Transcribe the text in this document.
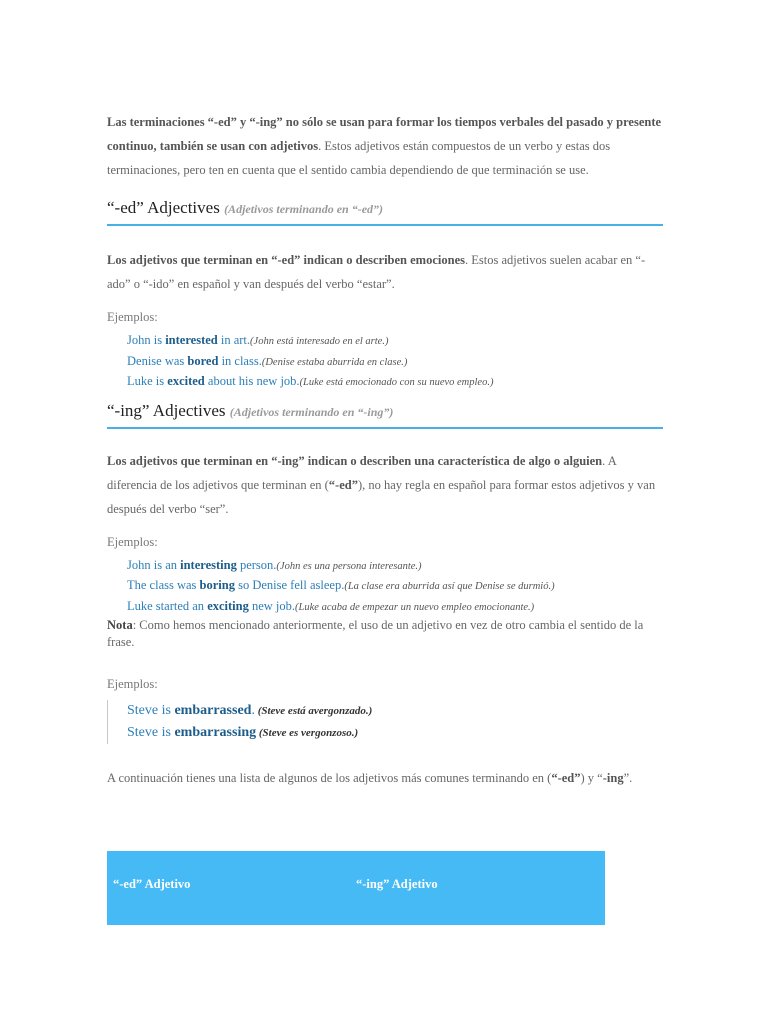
Las terminaciones “-ed” y “-ing” no sólo se usan para formar los tiempos verbales del pasado y presente continuo, también se usan con adjetivos. Estos adjetivos están compuestos de un verbo y estas dos terminaciones, pero ten en cuenta que el sentido cambia dependiendo de que terminación se use.

“-ed” Adjectives (Adjetivos terminando en “-ed”)

Los adjetivos que terminan en “-ed” indican o describen emociones. Estos adjetivos suelen acabar en “-ado” o “-ido” en español y van después del verbo “estar”.

Ejemplos:

John is interested in art.(John está interesado en el arte.)
Denise was bored in class.(Denise estaba aburrida en clase.)
Luke is excited about his new job.(Luke está emocionado con su nuevo empleo.)

“-ing” Adjectives (Adjetivos terminando en “-ing”)

Los adjetivos que terminan en “-ing” indican o describen una característica de algo o alguien. A diferencia de los adjetivos que terminan en (“-ed”), no hay regla en español para formar estos adjetivos y van después del verbo “ser”.

Ejemplos:

John is an interesting person.(John es una persona interesante.)
The class was boring so Denise fell asleep.(La clase era aburrida así que Denise se durmió.)
Luke started an exciting new job.(Luke acaba de empezar un nuevo empleo emocionante.)

Nota: Como hemos mencionado anteriormente, el uso de un adjetivo en vez de otro cambia el sentido de la frase.

Ejemplos:

Steve is embarrassed. (Steve está avergonzado.)
Steve is embarrassing (Steve es vergonzoso.)

A continuación tienes una lista de algunos de los adjetivos más comunes terminando en (“-ed”) y “-ing”.

“-ed” Adjetivo	“-ing” Adjetivo
